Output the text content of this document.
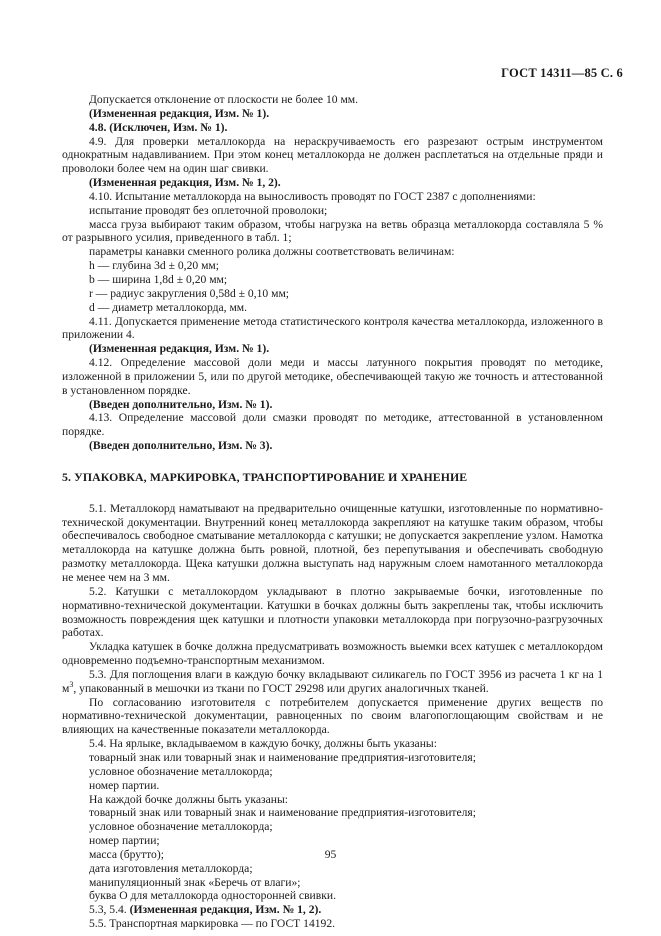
ГОСТ 14311—85 С. 6

Допускается отклонение от плоскости не более 10 мм.

(Измененная редакция, Изм. № 1).

4.8. (Исключен, Изм. № 1).

4.9. Для проверки металлокорда на нераскручиваемость его разрезают острым инструментом однократным надавливанием. При этом конец металлокорда не должен расплетаться на отдельные пряди и проволоки более чем на один шаг свивки.

(Измененная редакция, Изм. № 1, 2).

4.10. Испытание металлокорда на выносливость проводят по ГОСТ 2387 с дополнениями:

испытание проводят без оплеточной проволоки;

масса груза выбирают таким образом, чтобы нагрузка на ветвь образца металлокорда составляла 5 % от разрывного усилия, приведенного в табл. 1;

параметры канавки сменного ролика должны соответствовать величинам:

h — глубина 3d ± 0,20 мм;

b — ширина 1,8d ± 0,20 мм;

r — радиус закругления 0,58d ± 0,10 мм;

d — диаметр металлокорда, мм.

4.11. Допускается применение метода статистического контроля качества металлокорда, изложенного в приложении 4.

(Измененная редакция, Изм. № 1).

4.12. Определение массовой доли меди и массы латунного покрытия проводят по методике, изложенной в приложении 5, или по другой методике, обеспечивающей такую же точность и аттестованной в установленном порядке.

(Введен дополнительно, Изм. № 1).

4.13. Определение массовой доли смазки проводят по методике, аттестованной в установленном порядке.

(Введен дополнительно, Изм. № 3).

5. УПАКОВКА, МАРКИРОВКА, ТРАНСПОРТИРОВАНИЕ И ХРАНЕНИЕ

5.1. Металлокорд наматывают на предварительно очищенные катушки, изготовленные по нормативно-технической документации. Внутренний конец металлокорда закрепляют на катушке таким образом, чтобы обеспечивалось свободное сматывание металлокорда с катушки; не допускается закрепление узлом. Намотка металлокорда на катушке должна быть ровной, плотной, без перепутывания и обеспечивать свободную размотку металлокорда. Щека катушки должна выступать над наружным слоем намотанного металлокорда не менее чем на 3 мм.

5.2. Катушки с металлокордом укладывают в плотно закрываемые бочки, изготовленные по нормативно-технической документации. Катушки в бочках должны быть закреплены так, чтобы исключить возможность повреждения щек катушки и плотности упаковки металлокорда при погрузочно-разгрузочных работах.

Укладка катушек в бочке должна предусматривать возможность выемки всех катушек с металлокордом одновременно подъемно-транспортным механизмом.

5.3. Для поглощения влаги в каждую бочку вкладывают силикагель по ГОСТ 3956 из расчета 1 кг на 1 $м^3$, упакованный в мешочки из ткани по ГОСТ 29298 или других аналогичных тканей.

По согласованию изготовителя с потребителем допускается применение других веществ по нормативно-технической документации, равноценных по своим влагопоглощающим свойствам и не влияющих на качественные показатели металлокорда.

5.4. На ярлыке, вкладываемом в каждую бочку, должны быть указаны:

товарный знак или товарный знак и наименование предприятия-изготовителя;

условное обозначение металлокорда;

номер партии.

На каждой бочке должны быть указаны:

товарный знак или товарный знак и наименование предприятия-изготовителя;

условное обозначение металлокорда;

номер партии;

масса (брутто);

дата изготовления металлокорда;

манипуляционный знак «Беречь от влаги»;

буква О для металлокорда односторонней свивки.

5.3, 5.4. (Измененная редакция, Изм. № 1, 2).

5.5. Транспортная маркировка — по ГОСТ 14192.

95
